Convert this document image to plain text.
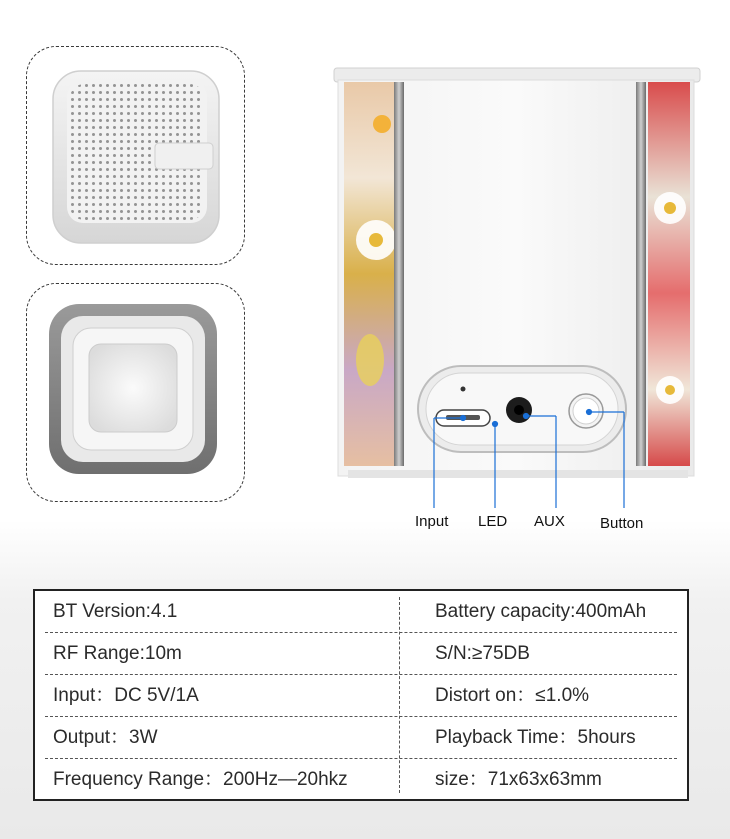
Input LED AUX Button
BT Version:4.1	Battery capacity:400mAh
RF Range:10m	S/N:≥75DB
Input：DC 5V/1A	Distort on：≤1.0%
Output：3W	Playback Time：5hours
Frequency Range：200Hz—20hkz	size：71x63x63mm
